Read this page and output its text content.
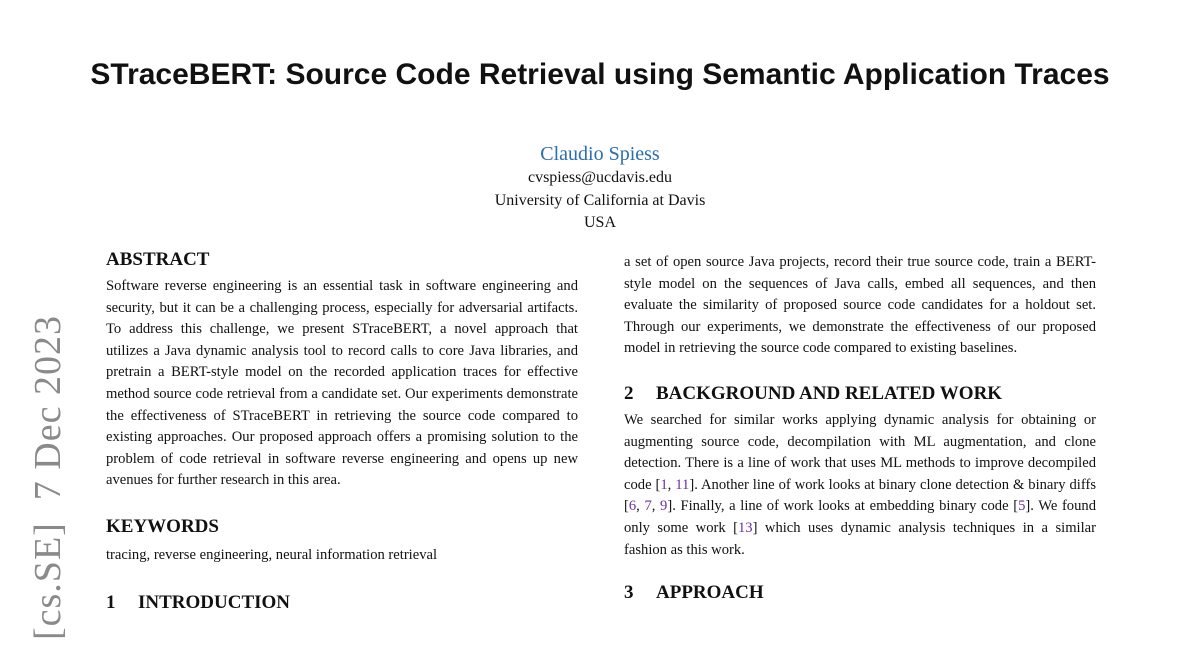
[cs.SE]7 Dec 2023
STraceBERT: Source Code Retrieval using Semantic Application Traces
Claudio Spiess
cvspiess@ucdavis.edu
University of California at Davis
USA
ABSTRACT

Software reverse engineering is an essential task in software engineering and security, but it can be a challenging process, especially for adversarial artifacts. To address this challenge, we present STraceBERT, a novel approach that utilizes a Java dynamic analysis tool to record calls to core Java libraries, and pretrain a BERT-style model on the recorded application traces for effective method source code retrieval from a candidate set. Our experiments demonstrate the effectiveness of STraceBERT in retrieving the source code compared to existing approaches. Our proposed approach offers a promising solution to the problem of code retrieval in software reverse engineering and opens up new avenues for further research in this area.

KEYWORDS

tracing, reverse engineering, neural information retrieval

1 INTRODUCTION

a set of open source Java projects, record their true source code, train a BERT-style model on the sequences of Java calls, embed all sequences, and then evaluate the similarity of proposed source code candidates for a holdout set. Through our experiments, we demonstrate the effectiveness of our proposed model in retrieving the source code compared to existing baselines.

2 BACKGROUND AND RELATED WORK

We searched for similar works applying dynamic analysis for obtaining or augmenting source code, decompilation with ML augmentation, and clone detection. There is a line of work that uses ML methods to improve decompiled code [1, 11]. Another line of work looks at binary clone detection & binary diffs [6, 7, 9]. Finally, a line of work looks at embedding binary code [5]. We found only some work [13] which uses dynamic analysis techniques in a similar fashion as this work.

3 APPROACH
